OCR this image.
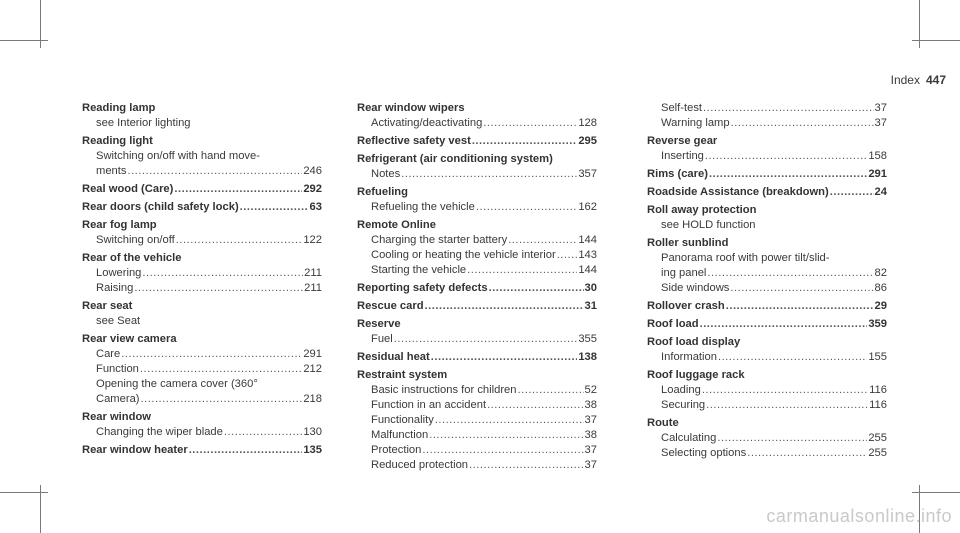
Index 447
Reading lamp
see Interior lighting
Reading light
Switching on/off with hand move-
ments .....	246
Real wood (Care) .....	292
Rear doors (child safety lock) .....	63
Rear fog lamp
Switching on/off .....	122
Rear of the vehicle
Lowering .....	211
Raising .....	211
Rear seat
see Seat
Rear view camera
Care .....	291
Function .....	212
Opening the camera cover (360°
Camera) .....	218
Rear window
Changing the wiper blade .....	130
Rear window heater .....	135
Rear window wipers
Activating/deactivating .....	128
Reflective safety vest .....	295
Refrigerant (air conditioning system)
Notes .....	357
Refueling
Refueling the vehicle .....	162
Remote Online
Charging the starter battery .....	144
Cooling or heating the vehicle interior ..... 143
Starting the vehicle .....	144
Reporting safety defects .....	30
Rescue card .....	31
Reserve
Fuel .....	355
Residual heat .....	138
Restraint system
Basic instructions for children .....	52
Function in an accident .....	38
Functionality .....	37
Malfunction .....	38
Protection .....	37
Reduced protection .....	37
Self-test .....	37
Warning lamp .....	37
Reverse gear
Inserting .....	158
Rims (care) .....	291
Roadside Assistance (breakdown) .....	24
Roll away protection
see HOLD function
Roller sunblind
Panorama roof with power tilt/slid-
ing panel .....	82
Side windows .....	86
Rollover crash .....	29
Roof load .....	359
Roof load display
Information .....	155
Roof luggage rack
Loading .....	116
Securing .....	116
Route
Calculating .....	255
Selecting options .....	255
carmanualsonline.info
